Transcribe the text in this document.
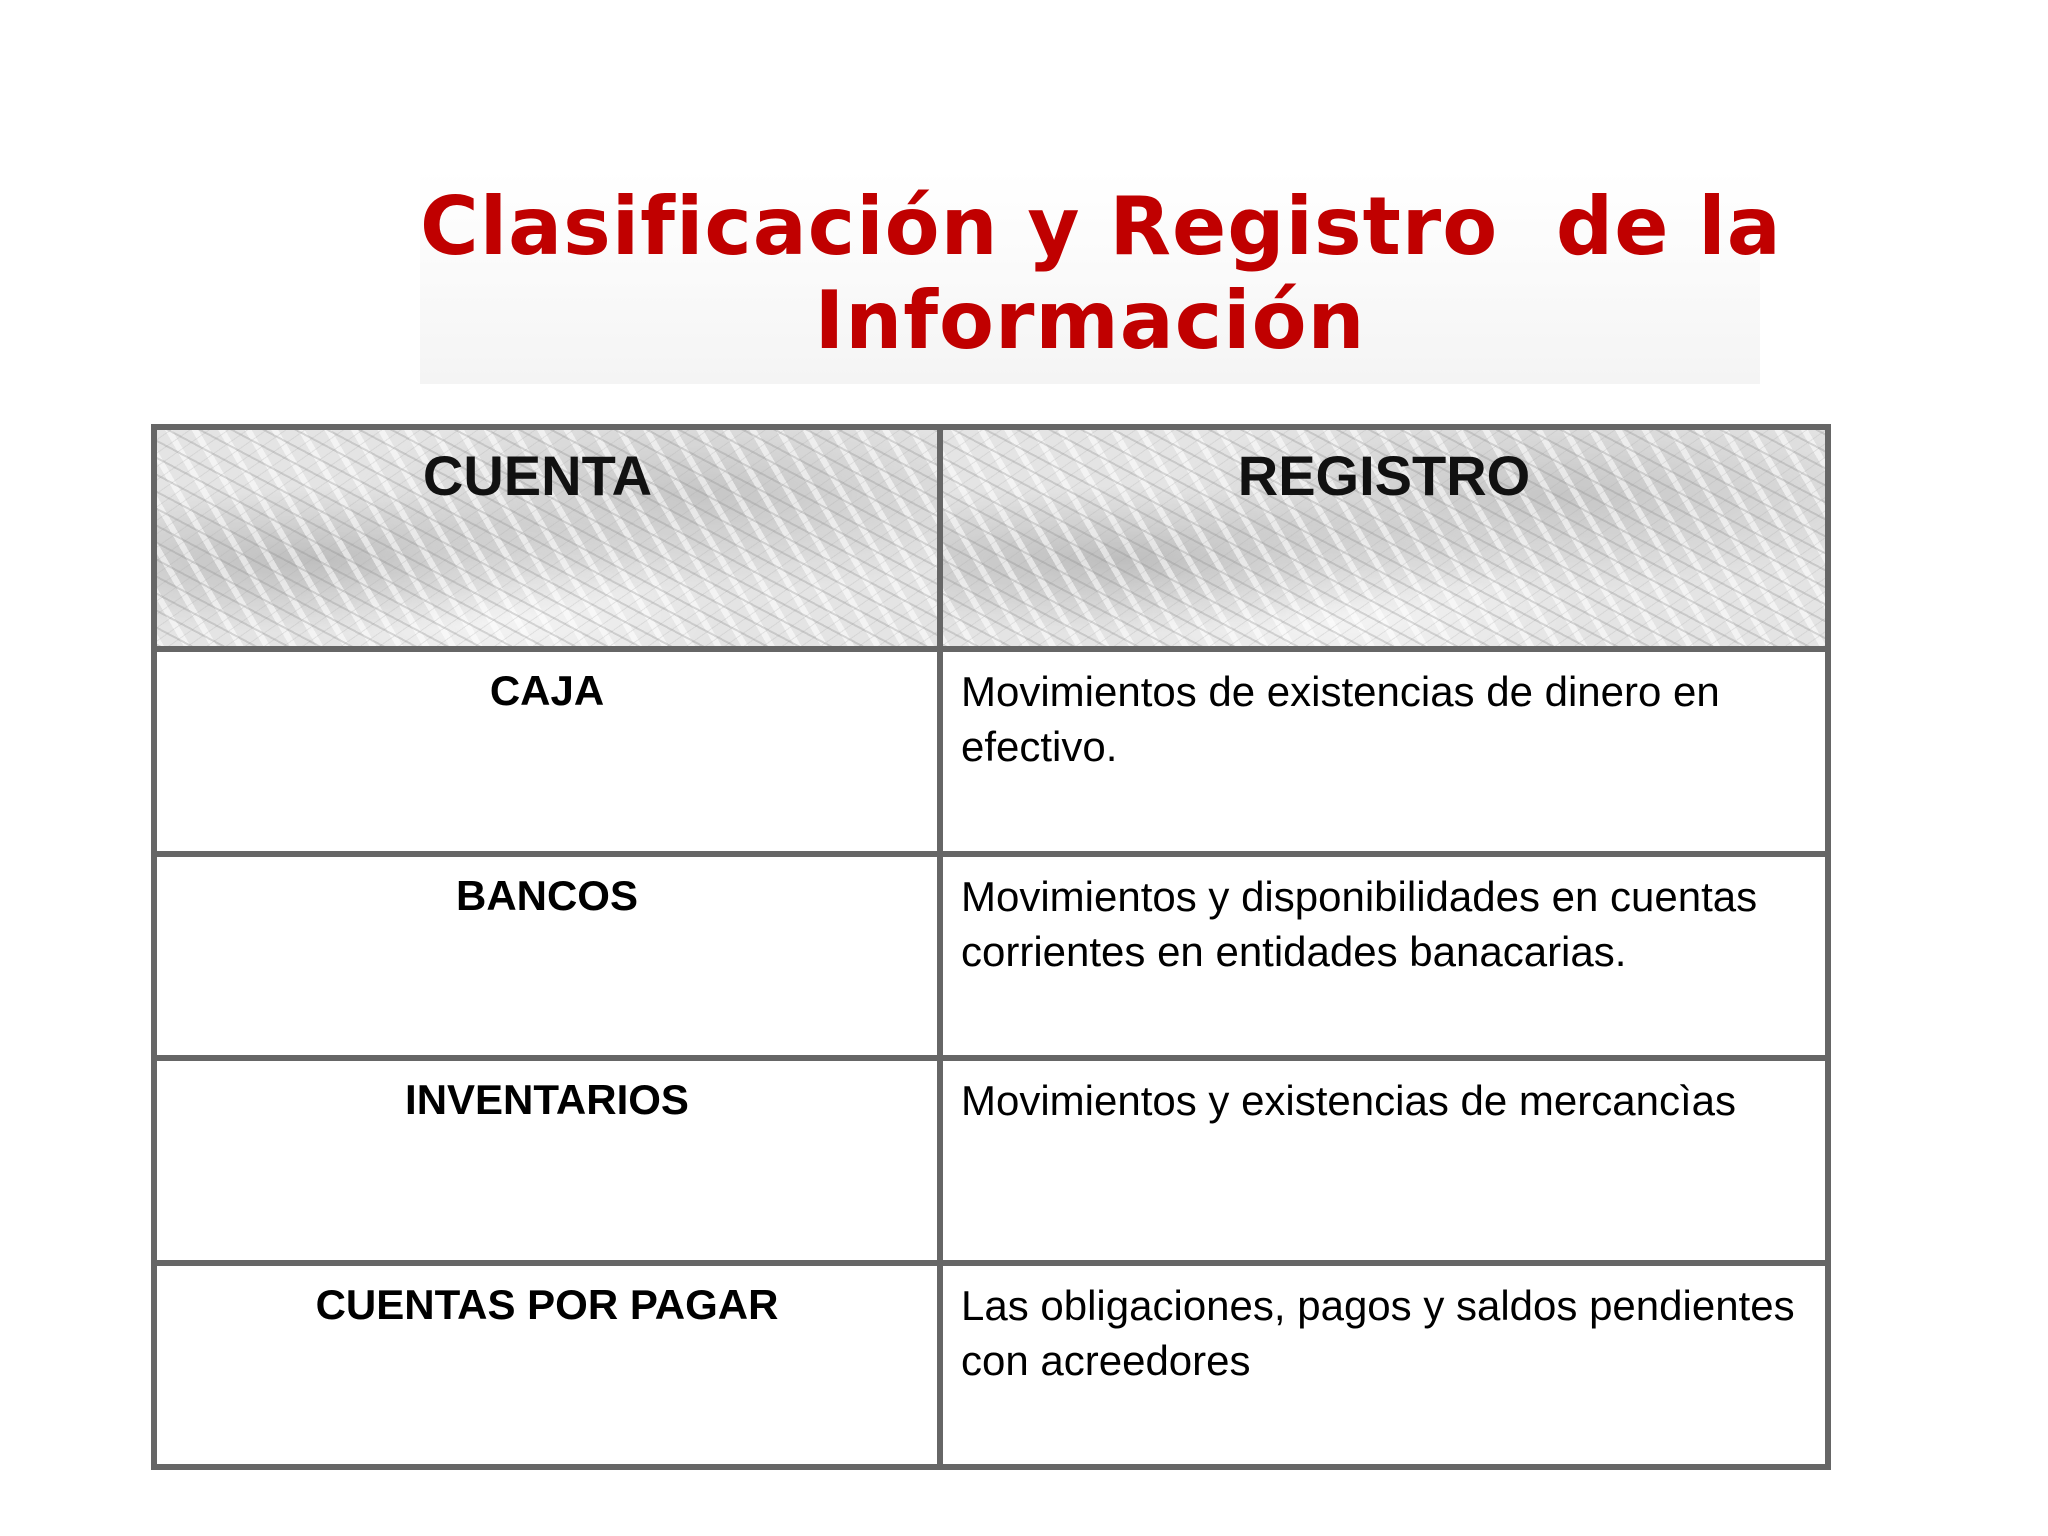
Clasificación y Registro  de la
Información
CUENTA	REGISTRO
CAJA	Movimientos de existencias de dinero en efectivo.
BANCOS	Movimientos y disponibilidades en cuentas corrientes en entidades banacarias.
INVENTARIOS	Movimientos y existencias de mercancìas
CUENTAS POR PAGAR	Las obligaciones, pagos y saldos pendientes con acreedores
